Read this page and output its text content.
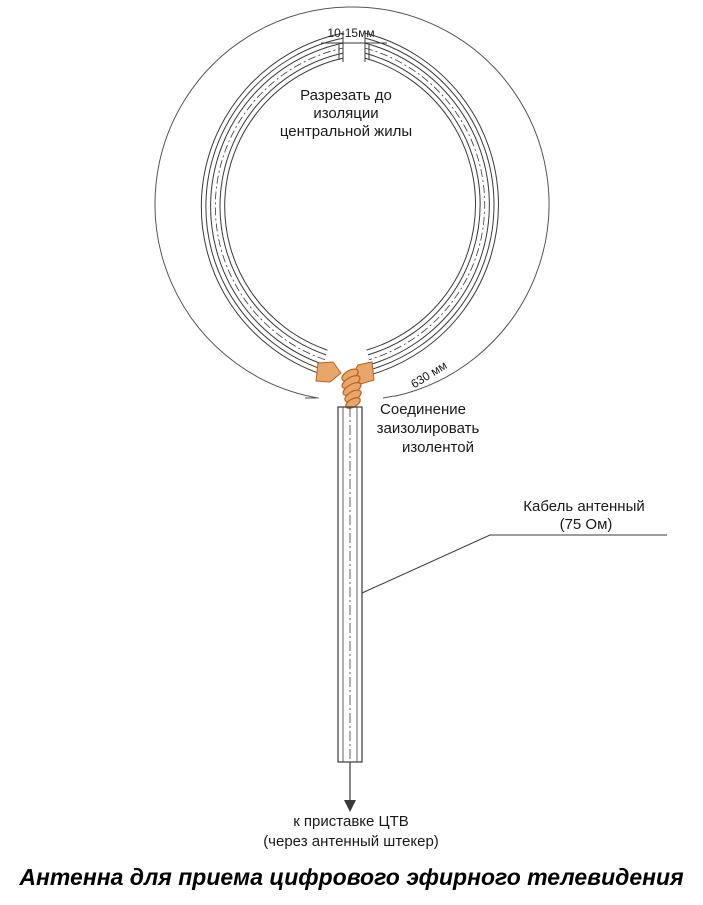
10-15мм
Разрезать до
изоляции
центральной жилы
630 мм
Соединение
заизолировать
изолентой
Кабель антенный
(75 Ом)
к приставке ЦТВ
(через антенный штекер)
Антенна для приема цифрового эфирного телевидения
